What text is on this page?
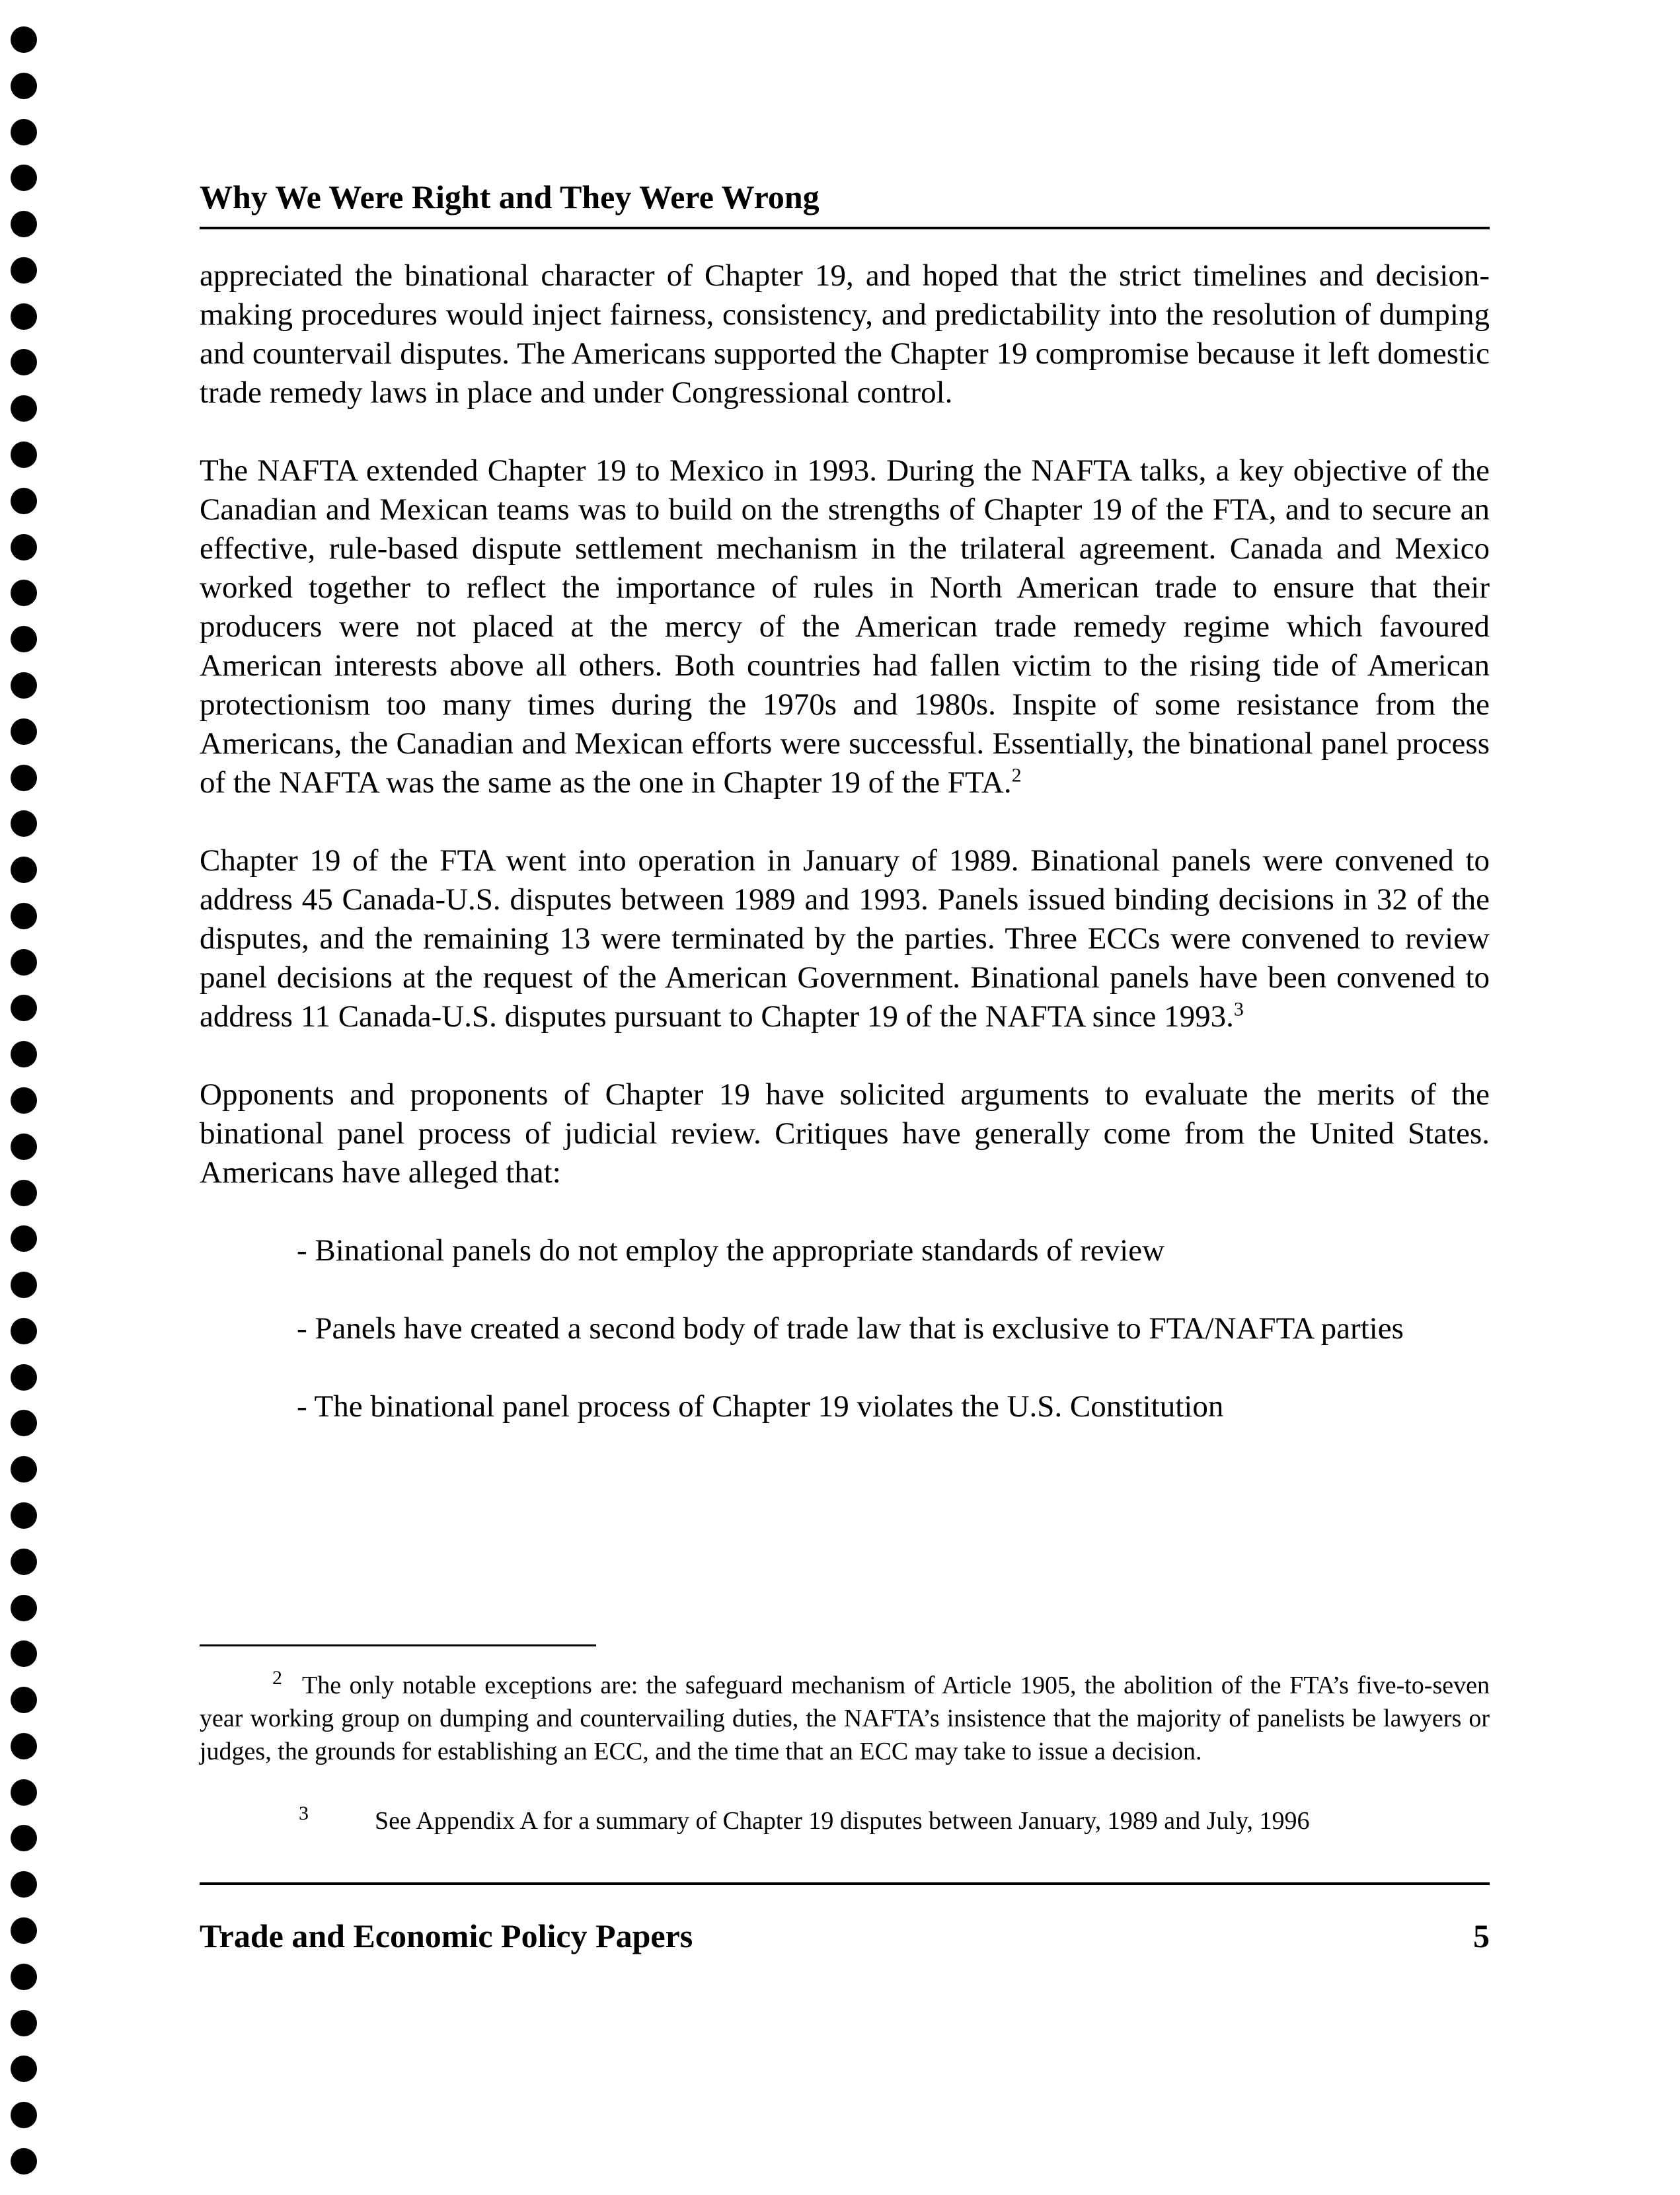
Why We Were Right and They Were Wrong

appreciated the binational character of Chapter 19, and hoped that the strict timelines and decision-making procedures would inject fairness, consistency, and predictability into the resolution of dumping and countervail disputes. The Americans supported the Chapter 19 compromise because it left domestic trade remedy laws in place and under Congressional control.

The NAFTA extended Chapter 19 to Mexico in 1993. During the NAFTA talks, a key objective of the Canadian and Mexican teams was to build on the strengths of Chapter 19 of the FTA, and to secure an effective, rule-based dispute settlement mechanism in the trilateral agreement. Canada and Mexico worked together to reflect the importance of rules in North American trade to ensure that their producers were not placed at the mercy of the American trade remedy regime which favoured American interests above all others. Both countries had fallen victim to the rising tide of American protectionism too many times during the 1970s and 1980s. Inspite of some resistance from the Americans, the Canadian and Mexican efforts were successful. Essentially, the binational panel process of the NAFTA was the same as the one in Chapter 19 of the FTA.$^2$

Chapter 19 of the FTA went into operation in January of 1989. Binational panels were convened to address 45 Canada-U.S. disputes between 1989 and 1993. Panels issued binding decisions in 32 of the disputes, and the remaining 13 were terminated by the parties. Three ECCs were convened to review panel decisions at the request of the American Government. Binational panels have been convened to address 11 Canada-U.S. disputes pursuant to Chapter 19 of the NAFTA since 1993.$^3$

Opponents and proponents of Chapter 19 have solicited arguments to evaluate the merits of the binational panel process of judicial review. Critiques have generally come from the United States. Americans have alleged that:

- Binational panels do not employ the appropriate standards of review
- Panels have created a second body of trade law that is exclusive to FTA/NAFTA parties
- The binational panel process of Chapter 19 violates the U.S. Constitution
2 The only notable exceptions are: the safeguard mechanism of Article 1905, the abolition of the FTA’s five-to-seven year working group on dumping and countervailing duties, the NAFTA’s insistence that the majority of panelists be lawyers or judges, the grounds for establishing an ECC, and the time that an ECC may take to issue a decision.
3	See Appendix A for a summary of Chapter 19 disputes between January, 1989 and July, 1996
Trade and Economic Policy Papers	5
